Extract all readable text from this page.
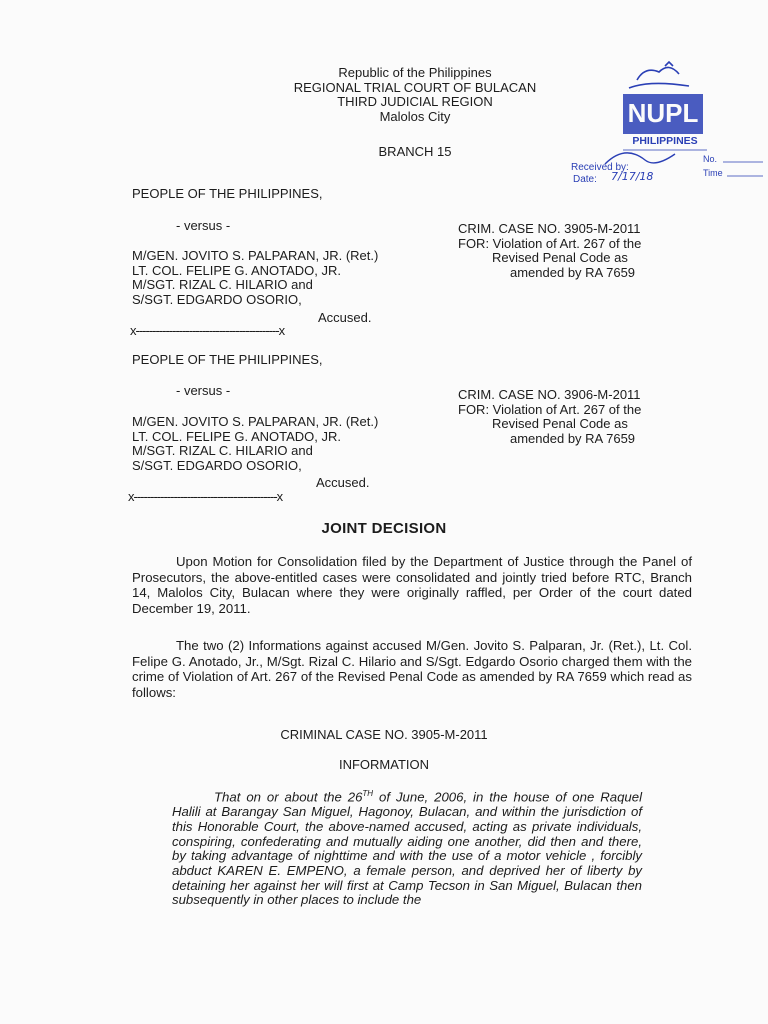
Republic of the Philippines
REGIONAL TRIAL COURT OF BULACAN
THIRD JUDICIAL REGION
Malolos City
BRANCH 15
NUPL
PHILIPPINES
Received by:
Date: 7/17/18
No.
Time
PEOPLE OF THE PHILIPPINES,
- versus -
M/GEN. JOVITO S. PALPARAN, JR. (Ret.)
LT. COL. FELIPE G. ANOTADO, JR.
M/SGT. RIZAL C. HILARIO and
S/SGT. EDGARDO OSORIO,
Accused.
x-------------------------------------------x
CRIM. CASE NO. 3905-M-2011
FOR: Violation of Art. 267 of the
Revised Penal Code as
amended by RA 7659
PEOPLE OF THE PHILIPPINES,
- versus -
M/GEN. JOVITO S. PALPARAN, JR. (Ret.)
LT. COL. FELIPE G. ANOTADO, JR.
M/SGT. RIZAL C. HILARIO and
S/SGT. EDGARDO OSORIO,
Accused.
x-------------------------------------------x
CRIM. CASE NO. 3906-M-2011
FOR: Violation of Art. 267 of the
Revised Penal Code as
amended by RA 7659
JOINT DECISION

Upon Motion for Consolidation filed by the Department of Justice through the Panel of Prosecutors, the above-entitled cases were consolidated and jointly tried before RTC, Branch 14, Malolos City, Bulacan where they were originally raffled, per Order of the court dated December 19, 2011.

The two (2) Informations against accused M/Gen. Jovito S. Palparan, Jr. (Ret.), Lt. Col. Felipe G. Anotado, Jr., M/Sgt. Rizal C. Hilario and S/Sgt. Edgardo Osorio charged them with the crime of Violation of Art. 267 of the Revised Penal Code as amended by RA 7659 which read as follows:

CRIMINAL CASE NO. 3905-M-2011
INFORMATION
That on or about the 26TH of June, 2006, in the house of one Raquel Halili at Barangay San Miguel, Hagonoy, Bulacan, and within the jurisdiction of this Honorable Court, the above-named accused, acting as private individuals, conspiring, confederating and mutually aiding one another, did then and there, by taking advantage of nighttime and with the use of a motor vehicle , forcibly abduct KAREN E. EMPENO, a female person, and deprived her of liberty by detaining her against her will first at Camp Tecson in San Miguel, Bulacan then subsequently in other places to include the
